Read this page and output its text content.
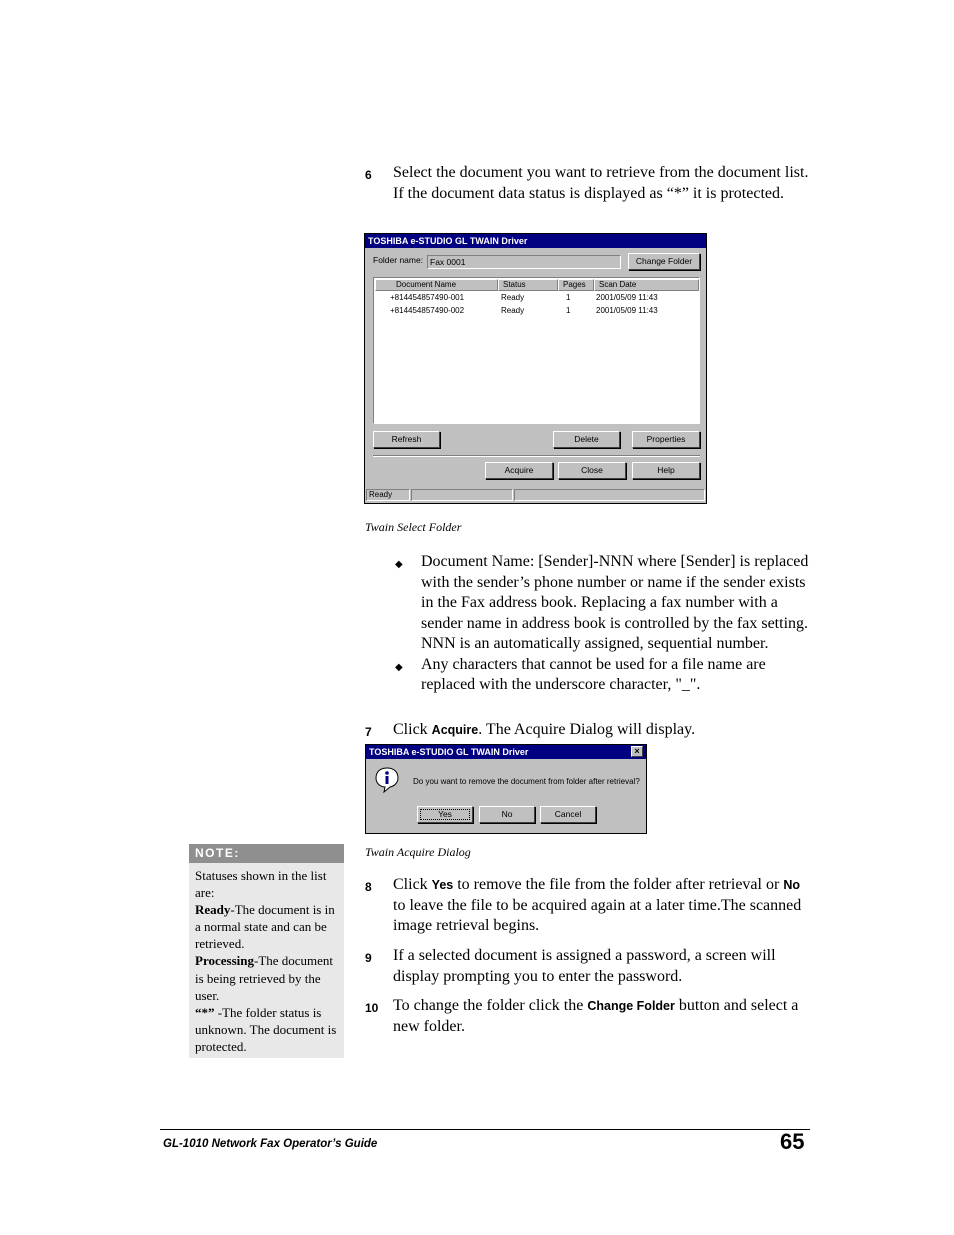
6 Select the document you want to retrieve from the document list. If the document data status is displayed as “*” it is protected.
TOSHIBA e-STUDIO GL TWAIN Driver
Folder name: Fax 0001	Change Folder
Document Name	Status	Pages	Scan Date
+814454857490-001	Ready	1	2001/05/09 11:43
+814454857490-002	Ready	1	2001/05/09 11:43
Refresh	Delete	Properties
Acquire	Close	Help
Ready
Twain Select Folder
◆ Document Name: [Sender]-NNN where [Sender] is replaced with the sender’s phone number or name if the sender exists in the Fax address book. Replacing a fax number with a sender name in address book is controlled by the fax setting. NNN is an automatically assigned, sequential number.
◆ Any characters that cannot be used for a file name are replaced with the underscore character, "_".
7 Click Acquire. The Acquire Dialog will display.
TOSHIBA e-STUDIO GL TWAIN Driver	×
Do you want to remove the document from folder after retrieval?
Yes	No	Cancel
Twain Acquire Dialog
NOTE:
Statuses shown in the list are:
Ready-The document is in a normal state and can be retrieved.
Processing-The document is being retrieved by the user.
“*” -The folder status is unknown. The document is protected.
8 Click Yes to remove the file from the folder after retrieval or No to leave the file to be acquired again at a later time.The scanned image retrieval begins.
9 If a selected document is assigned a password, a screen will display prompting you to enter the password.
10 To change the folder click the Change Folder button and select a new folder.
GL-1010 Network Fax Operator’s Guide	65
